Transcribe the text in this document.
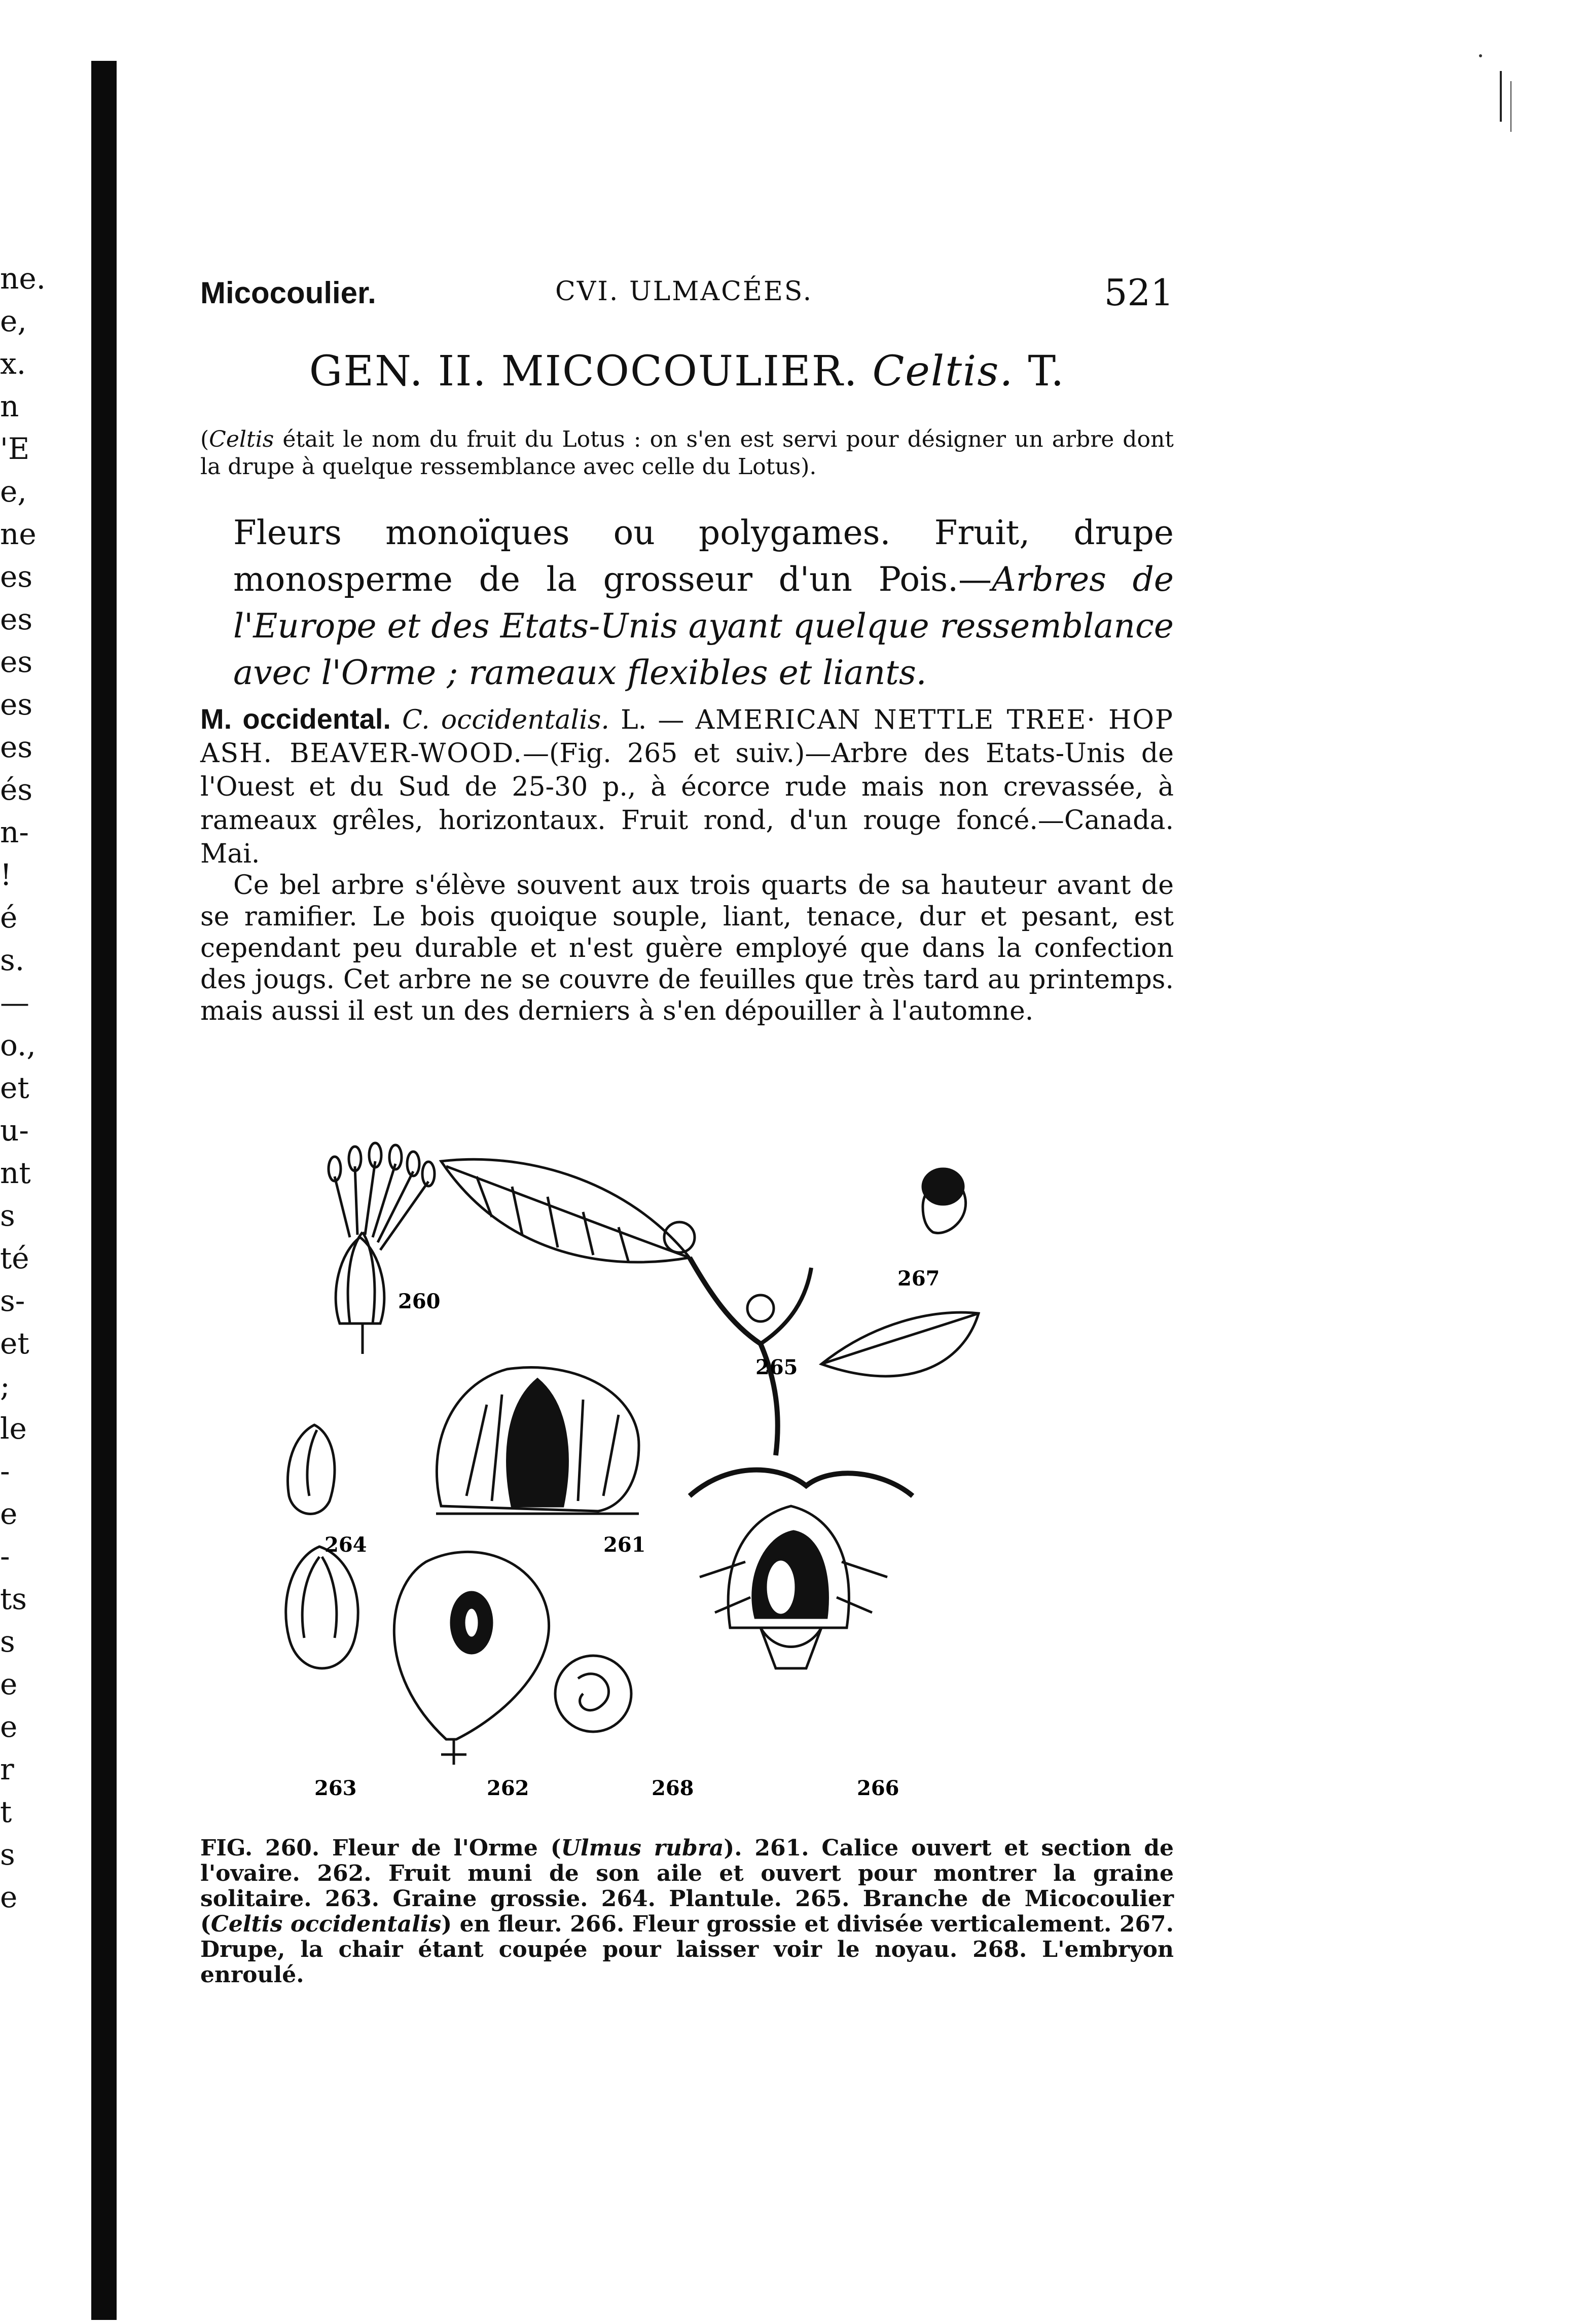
ne.
e,
x.
n
'E
e,
ne
es
es
es
es
es
és
n-
!
é
s.
—
o.,
et
u-
nt
s
té
s-
et
;
le
-
e
-
ts
s
e
e
r
t
s
e
Micocoulier.	CVI. ULMACÉES.	521
GEN. II. MICOCOULIER. Celtis. T.
(Celtis était le nom du fruit du Lotus : on s'en est servi pour désigner un arbre dont la drupe à quelque ressemblance avec celle du Lotus).
Fleurs monoïques ou polygames. Fruit, drupe monosperme de la grosseur d'un Pois.—Arbres de l'Europe et des Etats-Unis ayant quelque ressemblance avec l'Orme ; rameaux flexibles et liants.
M. occidental. C. occidentalis. L. — AMERICAN NETTLE TREE· HOP ASH. BEAVER-WOOD.—(Fig. 265 et suiv.)—Arbre des Etats-Unis de l'Ouest et du Sud de 25-30 p., à écorce rude mais non crevassée, à rameaux grêles, horizontaux. Fruit rond, d'un rouge foncé.—Canada. Mai.
Ce bel arbre s'élève souvent aux trois quarts de sa hauteur avant de se ramifier. Le bois quoique souple, liant, tenace, dur et pesant, est cependant peu durable et n'est guère employé que dans la confection des jougs. Cet arbre ne se couvre de feuilles que très tard au printemps. mais aussi il est un des derniers à s'en dépouiller à l'automne.
260
265
267
264	261
263	262	268	266
FIG. 260. Fleur de l'Orme (Ulmus rubra). 261. Calice ouvert et section de l'ovaire. 262. Fruit muni de son aile et ouvert pour montrer la graine solitaire. 263. Graine grossie. 264. Plantule. 265. Branche de Micocoulier (Celtis occidentalis) en fleur. 266. Fleur grossie et divisée verticalement. 267. Drupe, la chair étant coupée pour laisser voir le noyau. 268. L'embryon enroulé.
